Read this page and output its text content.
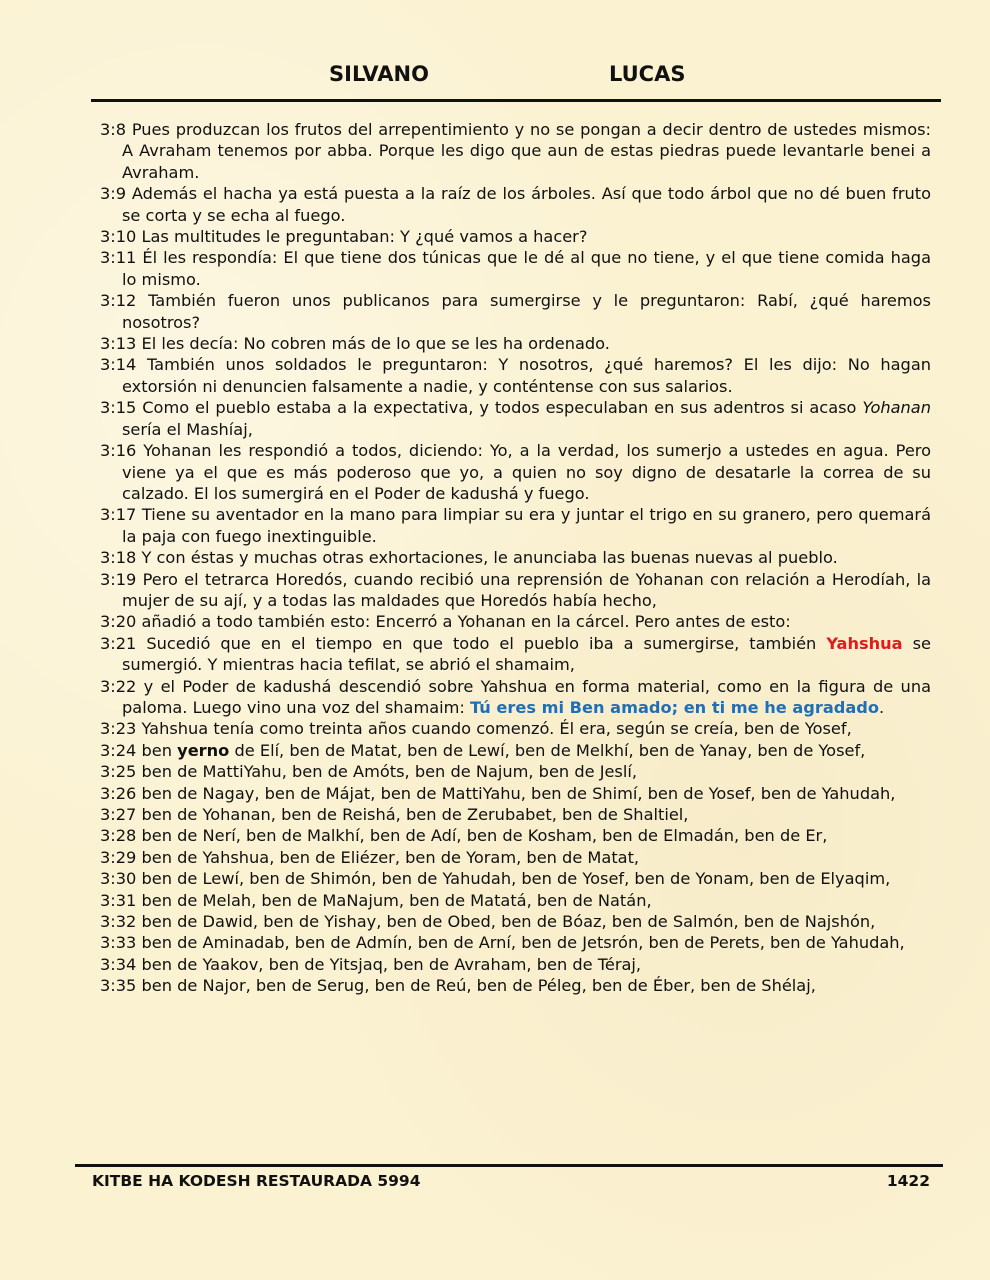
SILVANO	LUCAS

3:8 Pues produzcan los frutos del arrepentimiento y no se pongan a decir dentro de ustedes mismos: A Avraham tenemos por abba. Porque les digo que aun de estas piedras puede levantarle benei a Avraham.

3:9 Además el hacha ya está puesta a la raíz de los árboles. Así que todo árbol que no dé buen fruto se corta y se echa al fuego.

3:10 Las multitudes le preguntaban: Y ¿qué vamos a hacer?

3:11 Él les respondía: El que tiene dos túnicas que le dé al que no tiene, y el que tiene comida haga lo mismo.

3:12 También fueron unos publicanos para sumergirse y le preguntaron: Rabí, ¿qué haremos nosotros?

3:13 El les decía: No cobren más de lo que se les ha ordenado.

3:14 También unos soldados le preguntaron: Y nosotros, ¿qué haremos? El les dijo: No hagan extorsión ni denuncien falsamente a nadie, y conténtense con sus salarios.

3:15 Como el pueblo estaba a la expectativa, y todos especulaban en sus adentros si acaso Yohanan sería el Mashíaj,

3:16 Yohanan les respondió a todos, diciendo: Yo, a la verdad, los sumerjo a ustedes en agua. Pero viene ya el que es más poderoso que yo, a quien no soy digno de desatarle la correa de su calzado. El los sumergirá en el Poder de kadushá y fuego.

3:17 Tiene su aventador en la mano para limpiar su era y juntar el trigo en su granero, pero quemará la paja con fuego inextinguible.

3:18 Y con éstas y muchas otras exhortaciones, le anunciaba las buenas nuevas al pueblo.

3:19 Pero el tetrarca Horedós, cuando recibió una reprensión de Yohanan con relación a Herodíah, la mujer de su ají, y a todas las maldades que Horedós había hecho,

3:20 añadió a todo también esto: Encerró a Yohanan en la cárcel. Pero antes de esto:

3:21 Sucedió que en el tiempo en que todo el pueblo iba a sumergirse, también Yahshua se sumergió. Y mientras hacia tefilat, se abrió el shamaim,

3:22 y el Poder de kadushá descendió sobre Yahshua en forma material, como en la figura de una paloma. Luego vino una voz del shamaim: Tú eres mi Ben amado; en ti me he agradado.

3:23 Yahshua tenía como treinta años cuando comenzó. Él era, según se creía, ben de Yosef,

3:24 ben yerno de Elí, ben de Matat, ben de Lewí, ben de Melkhí, ben de Yanay, ben de Yosef,

3:25 ben de MattiYahu, ben de Amóts, ben de Najum, ben de Jeslí,

3:26 ben de Nagay, ben de Májat, ben de MattiYahu, ben de Shimí, ben de Yosef, ben de Yahudah,

3:27 ben de Yohanan, ben de Reishá, ben de Zerubabet, ben de Shaltiel,

3:28 ben de Nerí, ben de Malkhí, ben de Adí, ben de Kosham, ben de Elmadán, ben de Er,

3:29 ben de Yahshua, ben de Eliézer, ben de Yoram, ben de Matat,

3:30 ben de Lewí, ben de Shimón, ben de Yahudah, ben de Yosef, ben de Yonam, ben de Elyaqim,

3:31 ben de Melah, ben de MaNajum, ben de Matatá, ben de Natán,

3:32 ben de Dawid, ben de Yishay, ben de Obed, ben de Bóaz, ben de Salmón, ben de Najshón,

3:33 ben de Aminadab, ben de Admín, ben de Arní, ben de Jetsrón, ben de Perets, ben de Yahudah,

3:34 ben de Yaakov, ben de Yitsjaq, ben de Avraham, ben de Téraj,

3:35 ben de Najor, ben de Serug, ben de Reú, ben de Péleg, ben de Éber, ben de Shélaj,

KITBE HA KODESH RESTAURADA 5994	1422
